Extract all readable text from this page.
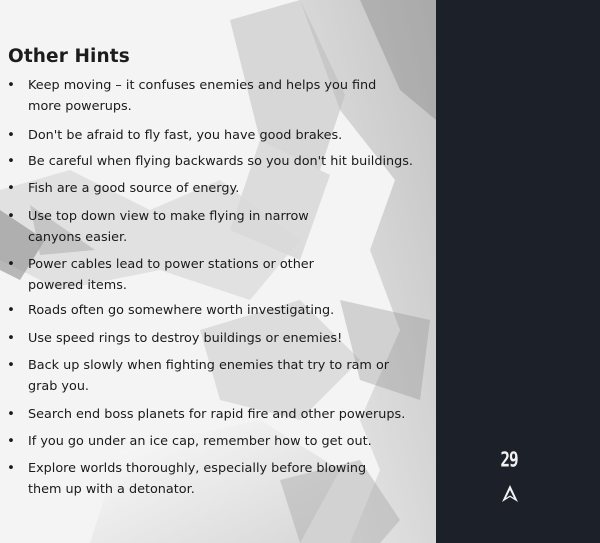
Other Hints
• Keep moving – it confuses enemies and helps you find
more powerups.
• Don't be afraid to fly fast, you have good brakes.
• Be careful when flying backwards so you don't hit buildings.
• Fish are a good source of energy.
• Use top down view to make flying in narrow
canyons easier.
• Power cables lead to power stations or other
powered items.
• Roads often go somewhere worth investigating.
• Use speed rings to destroy buildings or enemies!
• Back up slowly when fighting enemies that try to ram or
grab you.
• Search end boss planets for rapid fire and other powerups.
• If you go under an ice cap, remember how to get out.
• Explore worlds thoroughly, especially before blowing
them up with a detonator.
29
